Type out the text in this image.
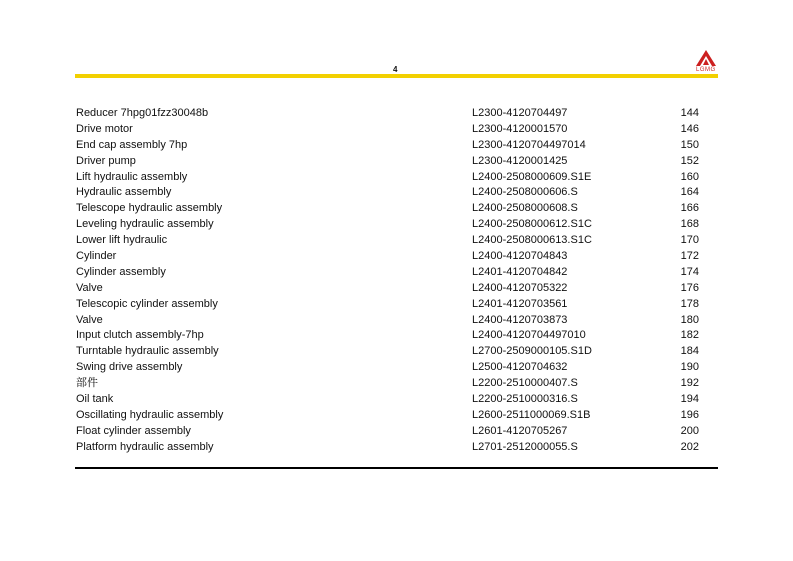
4	LGMG
Reducer 7hpg01fzz30048b	L2300-4120704497	144
Drive motor	L2300-4120001570	146
End cap assembly 7hp	L2300-4120704497014	150
Driver pump	L2300-4120001425	152
Lift hydraulic assembly	L2400-2508000609.S1E	160
Hydraulic assembly	L2400-2508000606.S	164
Telescope hydraulic assembly	L2400-2508000608.S	166
Leveling hydraulic assembly	L2400-2508000612.S1C	168
Lower lift hydraulic	L2400-2508000613.S1C	170
Cylinder	L2400-4120704843	172
Cylinder assembly	L2401-4120704842	174
Valve	L2400-4120705322	176
Telescopic cylinder assembly	L2401-4120703561	178
Valve	L2400-4120703873	180
Input clutch assembly-7hp	L2400-4120704497010	182
Turntable hydraulic assembly	L2700-2509000105.S1D	184
Swing drive assembly	L2500-4120704632	190
部件	L2200-2510000407.S	192
Oil tank	L2200-2510000316.S	194
Oscillating hydraulic assembly	L2600-2511000069.S1B	196
Float cylinder assembly	L2601-4120705267	200
Platform hydraulic assembly	L2701-2512000055.S	202
